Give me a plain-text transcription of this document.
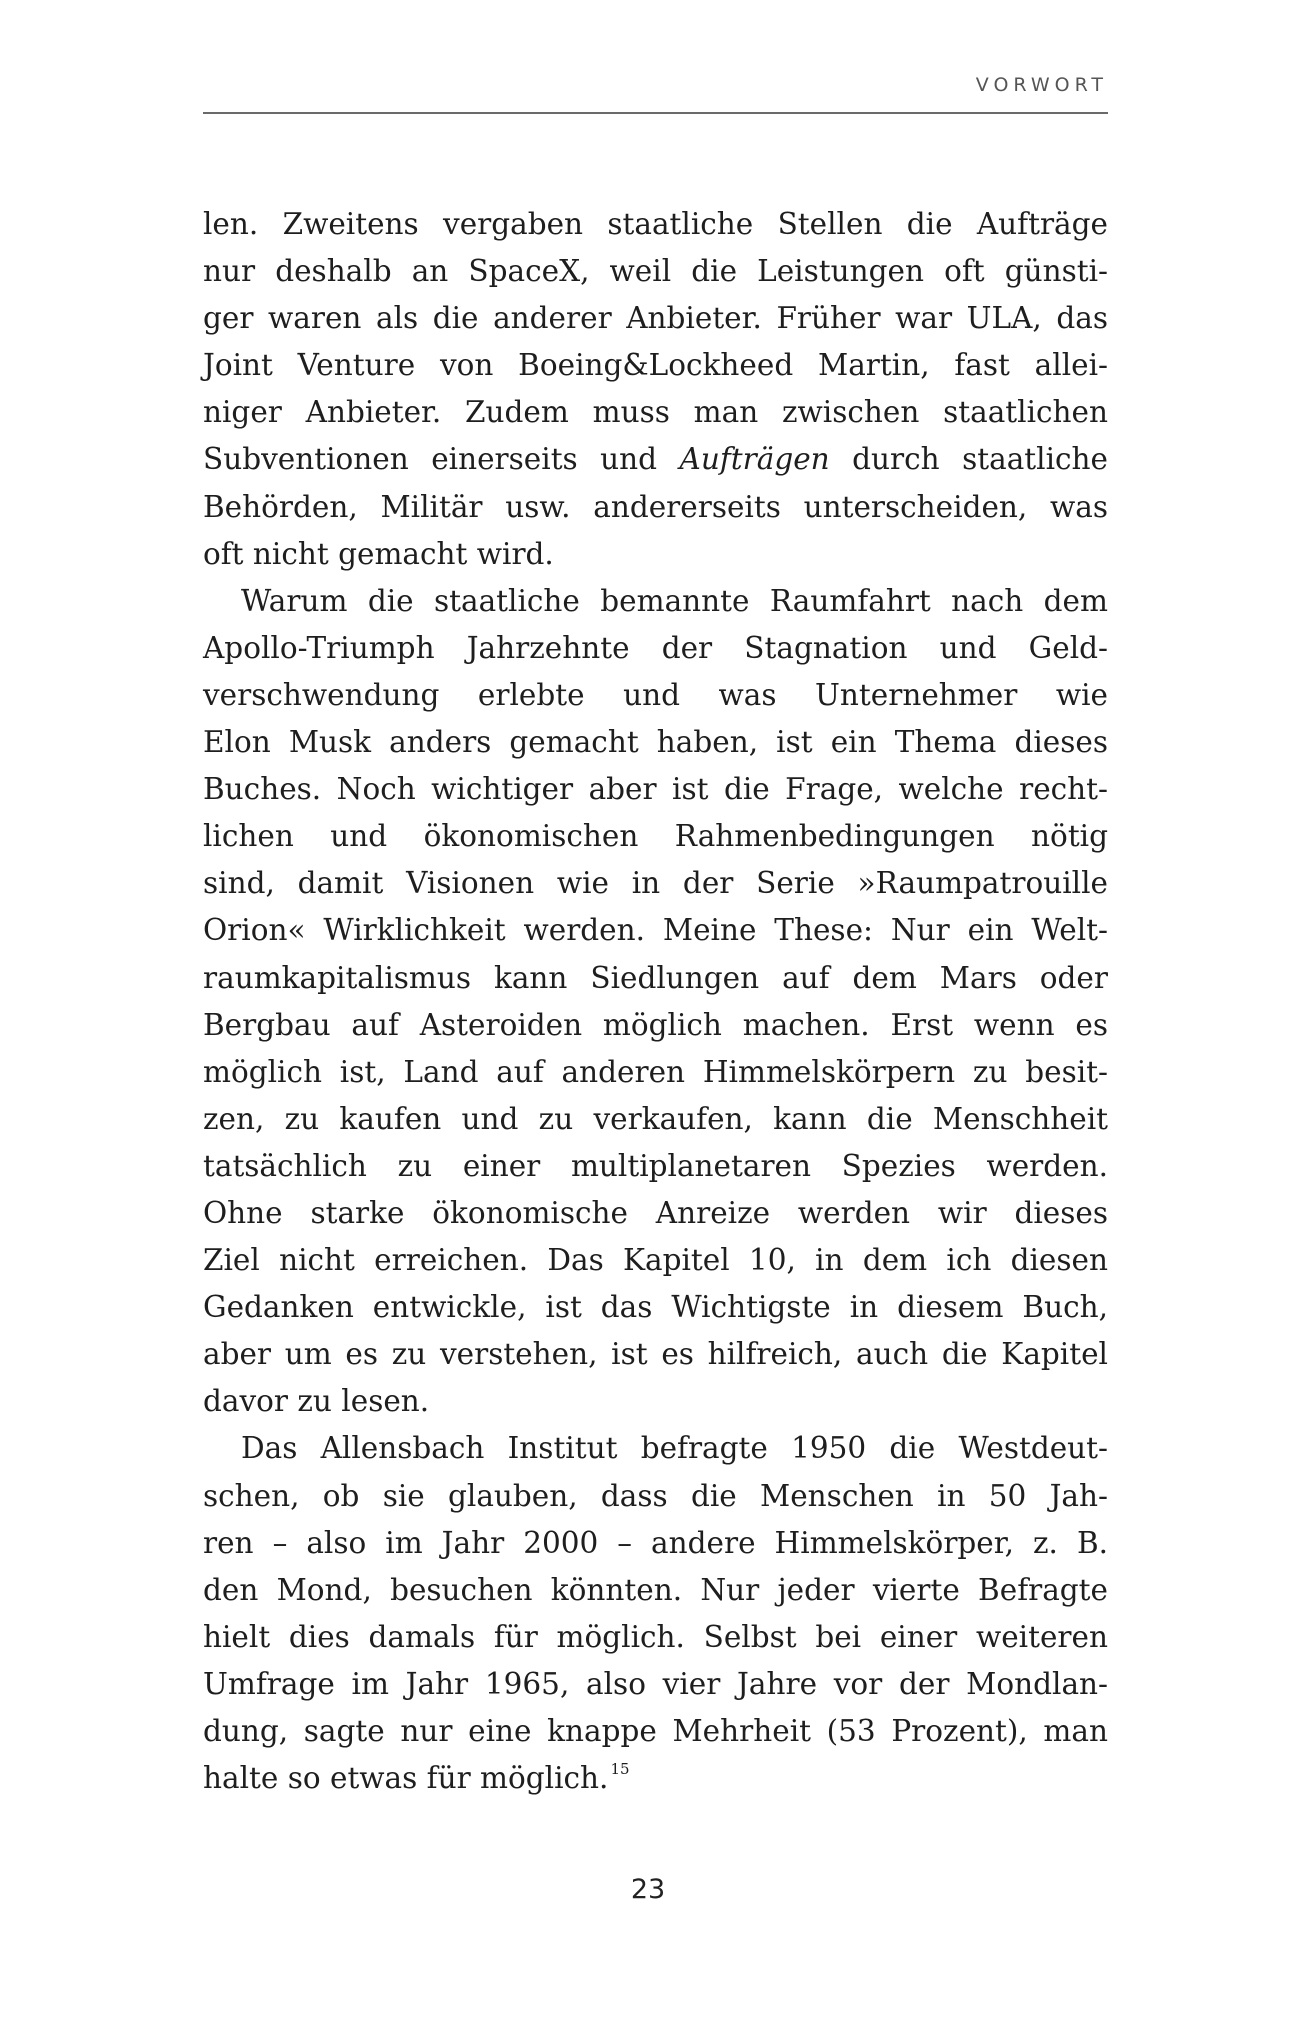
VORWORT
len. Zweitens vergaben staatliche Stellen die Aufträge
nur deshalb an SpaceX, weil die Leistungen oft günsti-
ger waren als die anderer Anbieter. Früher war ULA, das
Joint Venture von Boeing&Lockheed Martin, fast allei-
niger Anbieter. Zudem muss man zwischen staatlichen
Subventionen einerseits und Aufträgen durch staatliche
Behörden, Militär usw. andererseits unterscheiden, was
oft nicht gemacht wird.
Warum die staatliche bemannte Raumfahrt nach dem
Apollo-Triumph Jahrzehnte der Stagnation und Geld-
verschwendung erlebte und was Unternehmer wie
Elon Musk anders gemacht haben, ist ein Thema dieses
Buches. Noch wichtiger aber ist die Frage, welche recht-
lichen und ökonomischen Rahmenbedingungen nötig
sind, damit Visionen wie in der Serie »Raumpatrouille
Orion« Wirklichkeit werden. Meine These: Nur ein Welt-
raumkapitalismus kann Siedlungen auf dem Mars oder
Bergbau auf Asteroiden möglich machen. Erst wenn es
möglich ist, Land auf anderen Himmelskörpern zu besit-
zen, zu kaufen und zu verkaufen, kann die Menschheit
tatsächlich zu einer multiplanetaren Spezies werden.
Ohne starke ökonomische Anreize werden wir dieses
Ziel nicht erreichen. Das Kapitel 10, in dem ich diesen
Gedanken entwickle, ist das Wichtigste in diesem Buch,
aber um es zu verstehen, ist es hilfreich, auch die Kapitel
davor zu lesen.
Das Allensbach Institut befragte 1950 die Westdeut-
schen, ob sie glauben, dass die Menschen in 50 Jah-
ren – also im Jahr 2000 – andere Himmelskörper, z. B.
den Mond, besuchen könnten. Nur jeder vierte Befragte
hielt dies damals für möglich. Selbst bei einer weiteren
Umfrage im Jahr 1965, also vier Jahre vor der Mondlan-
dung, sagte nur eine knappe Mehrheit (53 Prozent), man
halte so etwas für möglich. $^{15}$
23
